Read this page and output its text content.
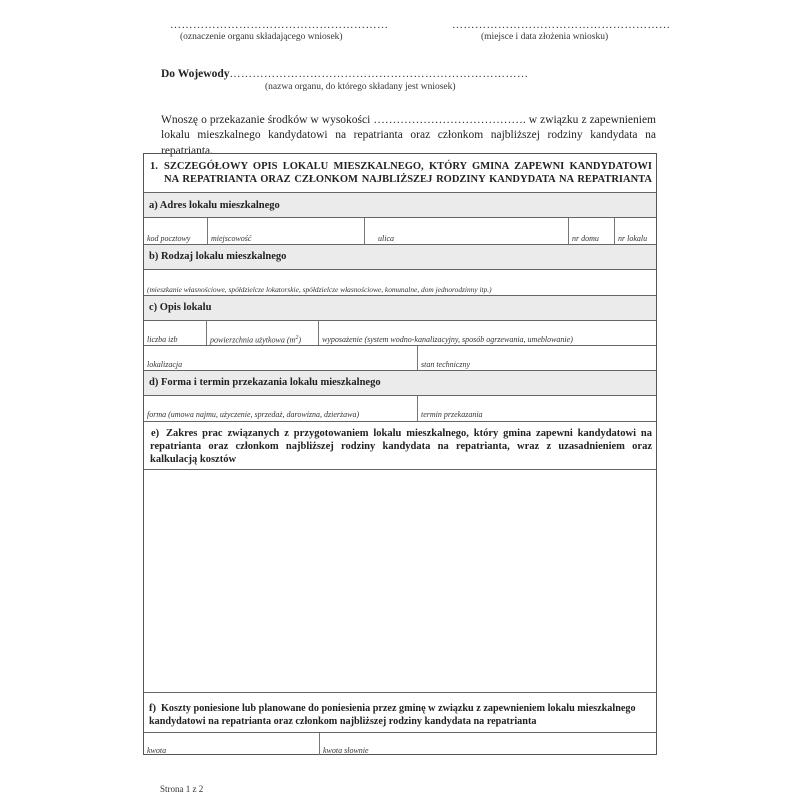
…………………………………………………
(oznaczenie organu składającego wniosek)
…………………………………………………
(miejsce i data złożenia wniosku)
Do Wojewody……………………………………………………………………
(nazwa organu, do którego składany jest wniosek)
Wnoszę o przekazanie środków w wysokości …………………………………. w związku z zapewnieniem
lokalu mieszkalnego kandydatowi na repatrianta oraz członkom najbliższej rodziny kandydata na repatrianta.
1. SZCZEGÓŁOWY OPIS LOKALU MIESZKALNEGO, KTÓRY GMINA ZAPEWNI KANDYDATOWI
NA REPATRIANTA ORAZ CZŁONKOM NAJBLIŻSZEJ RODZINY KANDYDATA NA REPATRIANTA
a) Adres lokalu mieszkalnego
kod pocztowy	miejscowość	ulica	nr domu nr lokalu
b) Rodzaj lokalu mieszkalnego
(mieszkanie własnościowe, spółdzielcze lokatorskie, spółdzielcze własnościowe, komunalne, dom jednorodzinny itp.)
c) Opis lokalu
liczba izb	powierzchnia użytkowa $(m^2)$	wyposażenie (system wodno-kanalizacyjny, sposób ogrzewania, umeblowanie)
lokalizacja	stan techniczny
d) Forma i termin przekazania lokalu mieszkalnego
forma (umowa najmu, użyczenie, sprzedaż, darowizna, dzierżawa)	termin przekazania
e) Zakres prac związanych z przygotowaniem lokalu mieszkalnego, który gmina zapewni kandydatowi na
repatrianta oraz członkom najbliższej rodziny kandydata na repatrianta, wraz z uzasadnieniem oraz
kalkulacją kosztów
f) Koszty poniesione lub planowane do poniesienia przez gminę w związku z zapewnieniem lokalu mieszkalnego
kandydatowi na repatrianta oraz członkom najbliższej rodziny kandydata na repatrianta
kwota	kwota słownie
Strona 1 z 2
